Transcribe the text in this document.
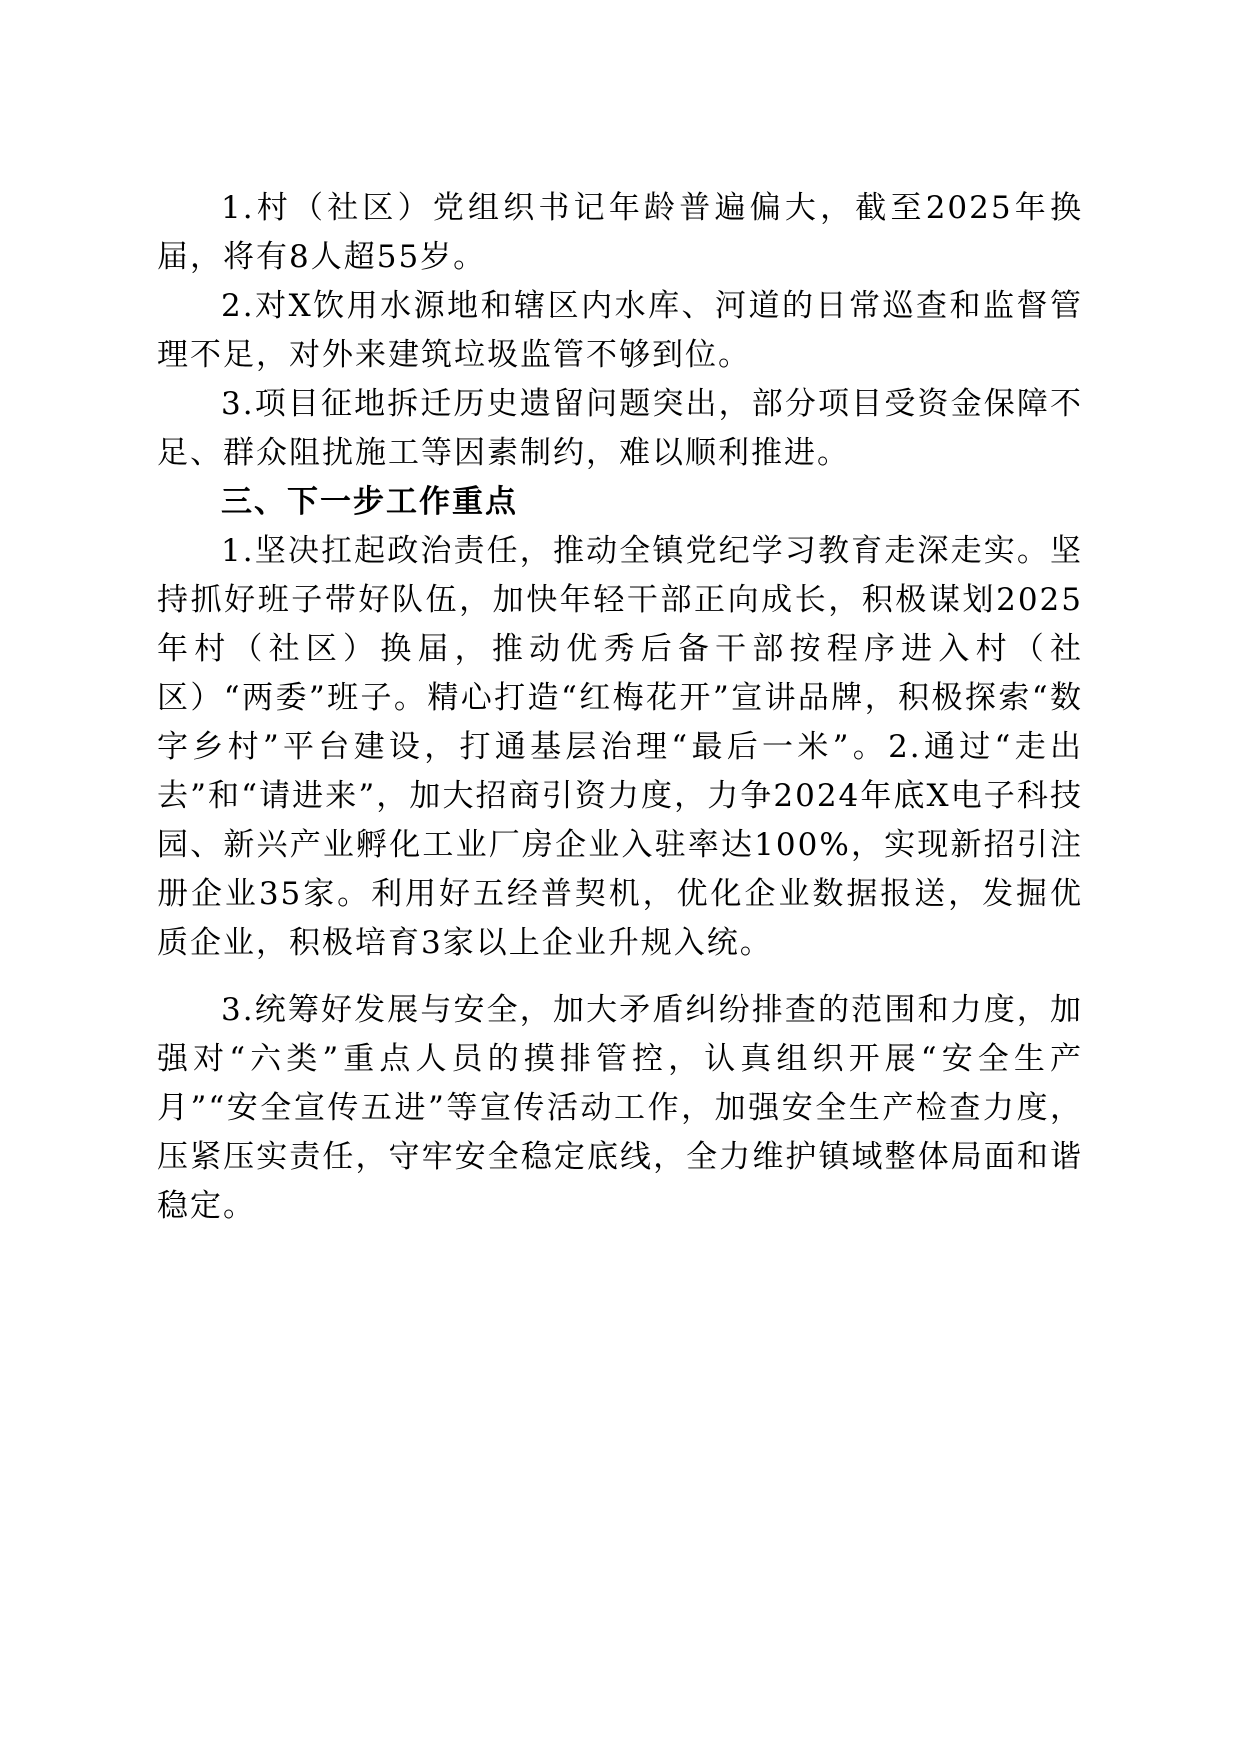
1.村（社区）党组织书记年龄普遍偏大，截至2025年换届，将有8人超55岁。

2.对X饮用水源地和辖区内水库、河道的日常巡查和监督管理不足，对外来建筑垃圾监管不够到位。

3.项目征地拆迁历史遗留问题突出，部分项目受资金保障不足、群众阻扰施工等因素制约，难以顺利推进。

三、下一步工作重点

1.坚决扛起政治责任，推动全镇党纪学习教育走深走实。坚持抓好班子带好队伍，加快年轻干部正向成长，积极谋划2025年村（社区）换届，推动优秀后备干部按程序进入村（社区）“两委”班子。精心打造“红梅花开”宣讲品牌，积极探索“数字乡村”平台建设，打通基层治理“最后一米”。2.通过“走出去”和“请进来”，加大招商引资力度，力争2024年底X电子科技园、新兴产业孵化工业厂房企业入驻率达100%，实现新招引注册企业35家。利用好五经普契机，优化企业数据报送，发掘优质企业，积极培育3家以上企业升规入统。

3.统筹好发展与安全，加大矛盾纠纷排查的范围和力度，加强对“六类”重点人员的摸排管控，认真组织开展“安全生产月”“安全宣传五进”等宣传活动工作，加强安全生产检查力度，压紧压实责任，守牢安全稳定底线，全力维护镇域整体局面和谐稳定。
